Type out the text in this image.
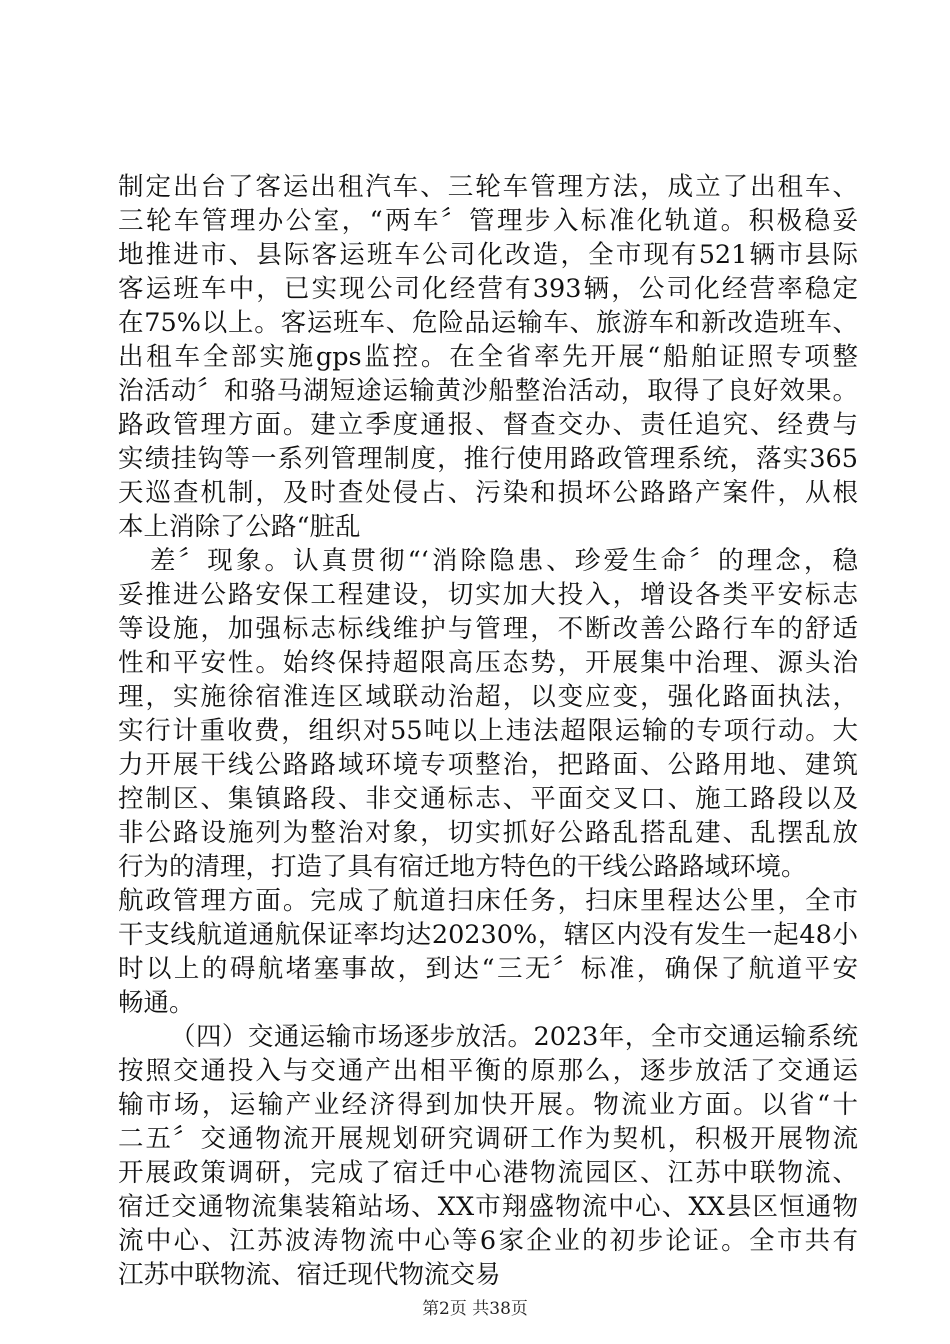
制定出台了客运出租汽车、三轮车管理方法，成立了出租车、
三轮车管理办公室，“两车〞管理步入标准化轨道。积极稳妥
地推进市、县际客运班车公司化改造，全市现有521辆市县际
客运班车中，已实现公司化经营有393辆，公司化经营率稳定
在75%以上。客运班车、危险品运输车、旅游车和新改造班车、
出租车全部实施gps监控。在全省率先开展“船舶证照专项整
治活动〞和骆马湖短途运输黄沙船整治活动，取得了良好效果。
路政管理方面。建立季度通报、督查交办、责任追究、经费与
实绩挂钩等一系列管理制度，推行使用路政管理系统，落实365
天巡查机制，及时查处侵占、污染和损坏公路路产案件，从根
本上消除了公路“脏乱
差〞现象。认真贯彻“‘消除隐患、珍爱生命〞的理念，稳
妥推进公路安保工程建设，切实加大投入，增设各类平安标志
等设施，加强标志标线维护与管理，不断改善公路行车的舒适
性和平安性。始终保持超限高压态势，开展集中治理、源头治
理，实施徐宿淮连区域联动治超，以变应变，强化路面执法，
实行计重收费，组织对55吨以上违法超限运输的专项行动。大
力开展干线公路路域环境专项整治，把路面、公路用地、建筑
控制区、集镇路段、非交通标志、平面交叉口、施工路段以及
非公路设施列为整治对象，切实抓好公路乱搭乱建、乱摆乱放
行为的清理，打造了具有宿迁地方特色的干线公路路域环境。
航政管理方面。完成了航道扫床任务，扫床里程达公里，全市
干支线航道通航保证率均达20230%，辖区内没有发生一起48小
时以上的碍航堵塞事故，到达“三无〞标准，确保了航道平安
畅通。
（四）交通运输市场逐步放活。2023年，全市交通运输系统
按照交通投入与交通产出相平衡的原那么，逐步放活了交通运
输市场，运输产业经济得到加快开展。物流业方面。以省“十
二五〞交通物流开展规划研究调研工作为契机，积极开展物流
开展政策调研，完成了宿迁中心港物流园区、江苏中联物流、
宿迁交通物流集装箱站场、XX市翔盛物流中心、XX县区恒通物
流中心、江苏波涛物流中心等6家企业的初步论证。全市共有
江苏中联物流、宿迁现代物流交易
第2页 共38页
